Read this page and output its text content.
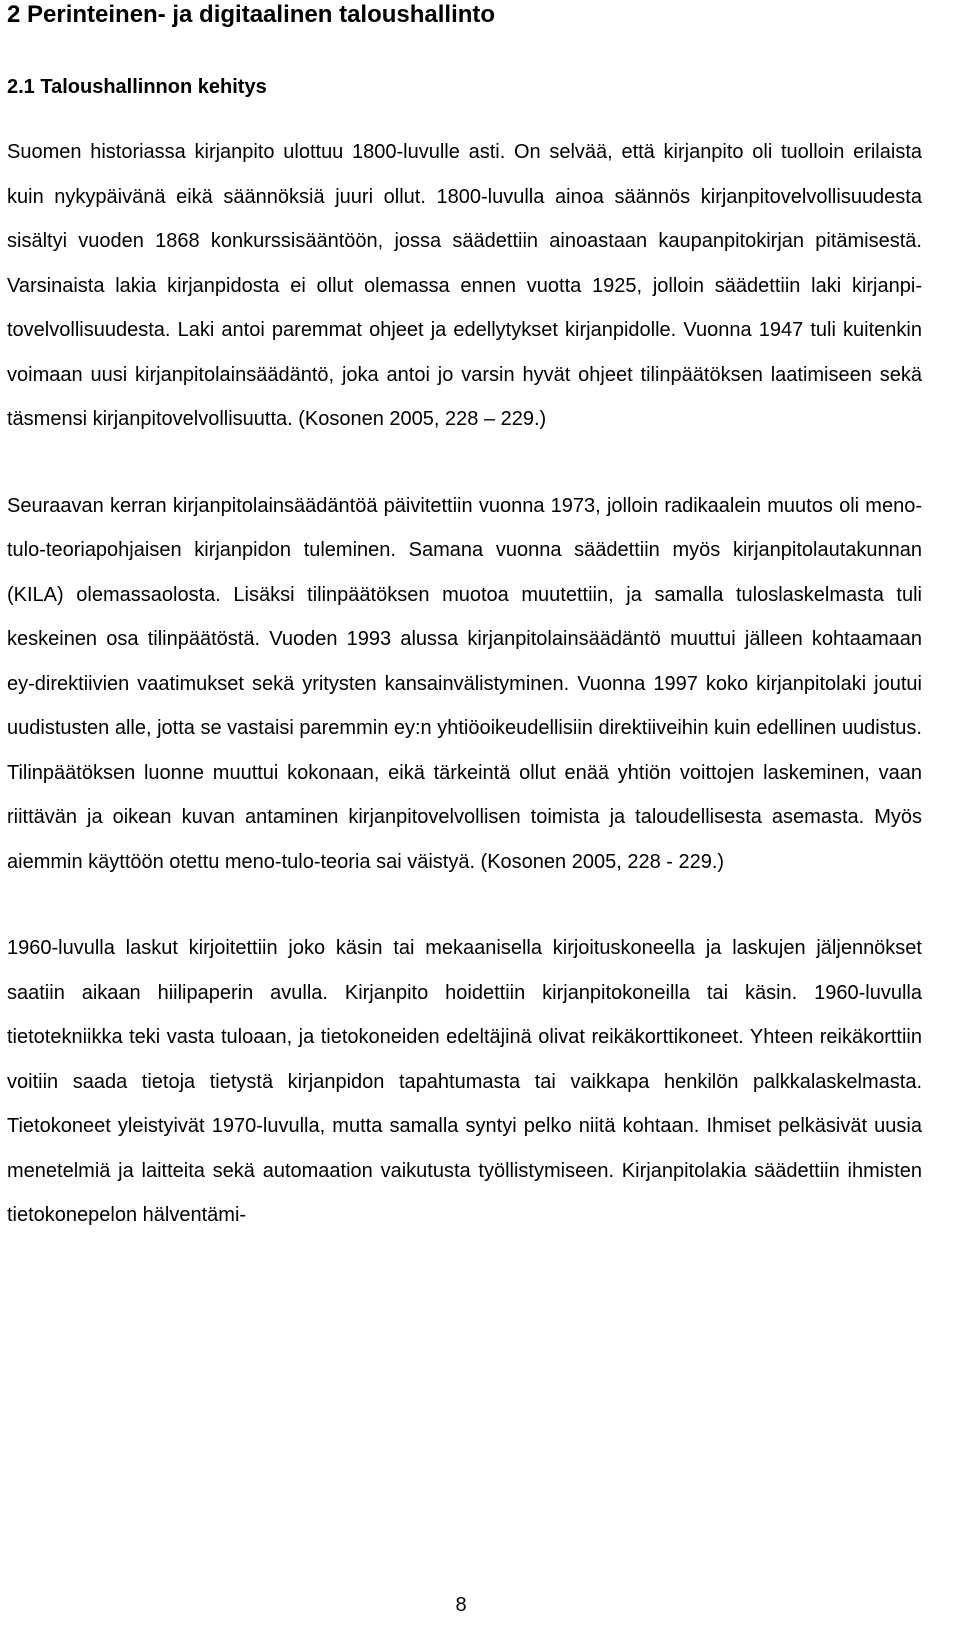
2 Perinteinen- ja digitaalinen taloushallinto
2.1 Taloushallinnon kehitys

Suomen historiassa kirjanpito ulottuu 1800-luvulle asti. On selvää, että kirjanpito oli tuolloin erilaista kuin nykypäivänä eikä säännöksiä juuri ollut. 1800-luvulla ainoa säännös kirjanpitovelvollisuudesta sisältyi vuoden 1868 konkurssisääntöön, jossa säädettiin ainoastaan kaupanpitokirjan pitämisestä. Varsinaista lakia kirjanpidosta ei ollut olemassa ennen vuotta 1925, jolloin säädettiin laki kirjanpitovelvollisuudesta. Laki antoi paremmat ohjeet ja edellytykset kirjanpidolle. Vuonna 1947 tuli kuitenkin voimaan uusi kirjanpitolainsäädäntö, joka antoi jo varsin hyvät ohjeet tilinpäätöksen laatimiseen sekä täsmensi kirjanpitovelvollisuutta. (Kosonen 2005, 228 – 229.)

Seuraavan kerran kirjanpitolainsäädäntöä päivitettiin vuonna 1973, jolloin radikaalein muutos oli meno-tulo-teoriapohjaisen kirjanpidon tuleminen. Samana vuonna säädettiin myös kirjanpitolautakunnan (KILA) olemassaolosta. Lisäksi tilinpäätöksen muotoa muutettiin, ja samalla tuloslaskelmasta tuli keskeinen osa tilinpäätöstä. Vuoden 1993 alussa kirjanpitolainsäädäntö muuttui jälleen kohtaamaan ey-direktiivien vaatimukset sekä yritysten kansainvälistyminen. Vuonna 1997 koko kirjanpitolaki joutui uudistusten alle, jotta se vastaisi paremmin ey:n yhtiöoikeudellisiin direktiiveihin kuin edellinen uudistus. Tilinpäätöksen luonne muuttui kokonaan, eikä tärkeintä ollut enää yhtiön voittojen laskeminen, vaan riittävän ja oikean kuvan antaminen kirjanpitovelvollisen toimista ja taloudellisesta asemasta. Myös aiemmin käyttöön otettu meno-tulo-teoria sai väistyä. (Kosonen 2005, 228 - 229.)

1960-luvulla laskut kirjoitettiin joko käsin tai mekaanisella kirjoituskoneella ja laskujen jäljennökset saatiin aikaan hiilipaperin avulla. Kirjanpito hoidettiin kirjanpitokoneilla tai käsin. 1960-luvulla tietotekniikka teki vasta tuloaan, ja tietokoneiden edeltäjinä olivat reikäkorttikoneet. Yhteen reikäkorttiin voitiin saada tietoja tietystä kirjanpidon tapahtumasta tai vaikkapa henkilön palkkalaskelmasta. Tietokoneet yleistyivät 1970-luvulla, mutta samalla syntyi pelko niitä kohtaan. Ihmiset pelkäsivät uusia menetelmiä ja laitteita sekä automaation vaikutusta työllistymiseen. Kirjanpitolakia säädettiin ihmisten tietokonepelon hälventämi-

8
